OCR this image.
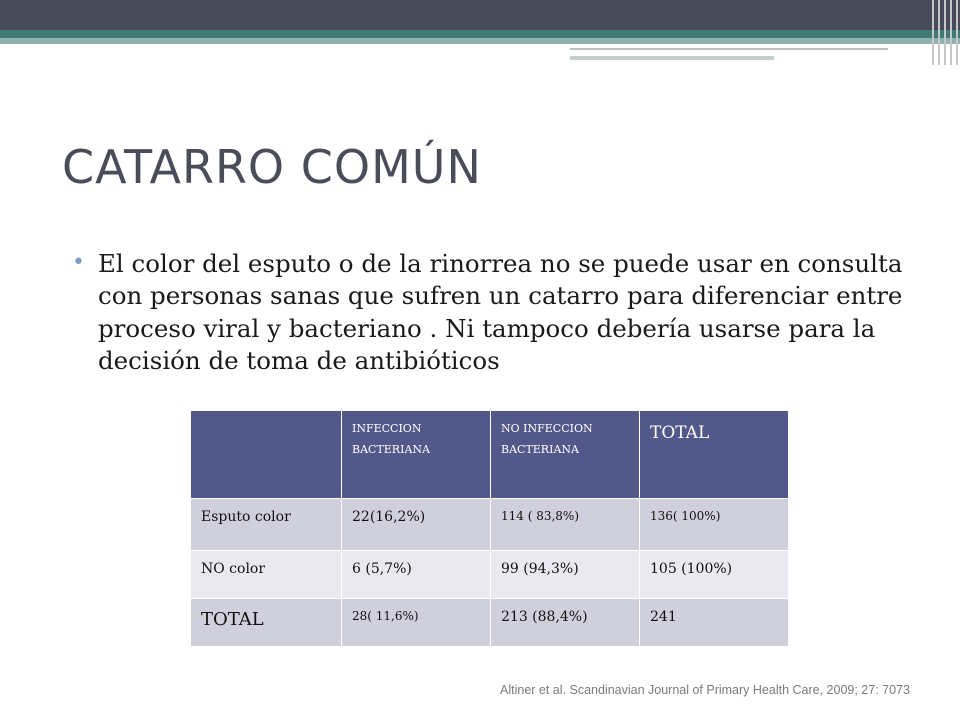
CATARRO COMÚN
• El color del esputo o de la rinorrea no se puede usar en consulta con personas sanas que sufren un catarro para diferenciar entre proceso viral y bacteriano . Ni tampoco debería usarse para la decisión de toma de antibióticos

	INFECCION BACTERIANA	NO INFECCION BACTERIANA	TOTAL

Esputo color	22(16,2%)	114 ( 83,8%)	136( 100%)

NO color	6 (5,7%)	99 (94,3%)	105 (100%)

TOTAL	28( 11,6%)	213 (88,4%)	241
Altiner et al. Scandinavian Journal of Primary Health Care, 2009; 27: 7073
